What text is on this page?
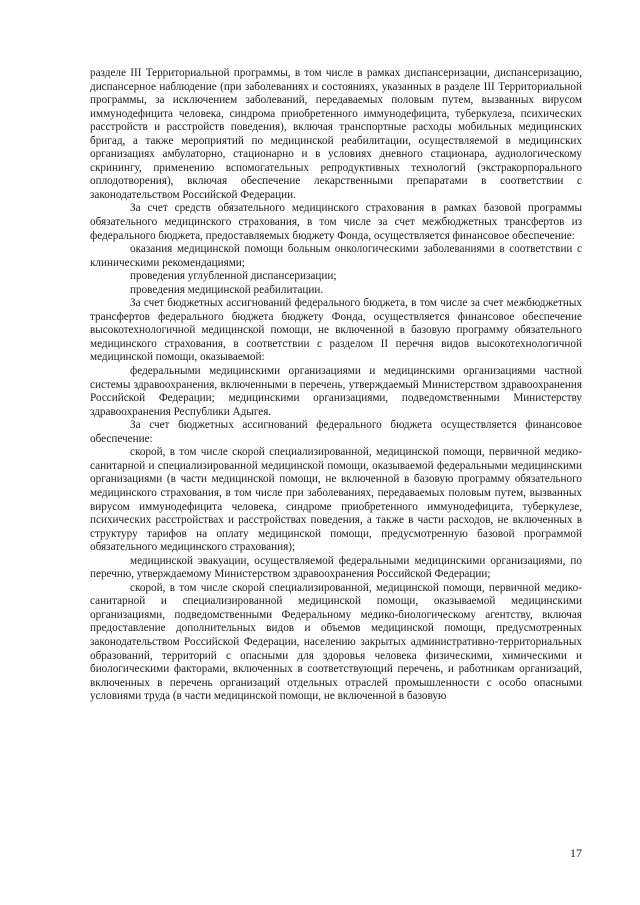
разделе III Территориальной программы, в том числе в рамках диспансеризации, диспансеризацию, диспансерное наблюдение (при заболеваниях и состояниях, указанных в разделе III Территориальной программы, за исключением заболеваний, передаваемых половым путем, вызванных вирусом иммунодефицита человека, синдрома приобретенного иммунодефицита, туберкулеза, психических расстройств и расстройств поведения), включая транспортные расходы мобильных медицинских бригад, а также мероприятий по медицинской реабилитации, осуществляемой в медицинских организациях амбулаторно, стационарно и в условиях дневного стационара, аудиологическому скринингу, применению вспомогательных репродуктивных технологий (экстракорпорального оплодотворения), включая обеспечение лекарственными препаратами в соответствии с законодательством Российской Федерации.

За счет средств обязательного медицинского страхования в рамках базовой программы обязательного медицинского страхования, в том числе за счет межбюджетных трансфертов из федерального бюджета, предоставляемых бюджету Фонда, осуществляется финансовое обеспечение:

оказания медицинской помощи больным онкологическими заболеваниями в соответствии с клиническими рекомендациями;

проведения углубленной диспансеризации;

проведения медицинской реабилитации.

За счет бюджетных ассигнований федерального бюджета, в том числе за счет межбюджетных трансфертов федерального бюджета бюджету Фонда, осуществляется финансовое обеспечение высокотехнологичной медицинской помощи, не включенной в базовую программу обязательного медицинского страхования, в соответствии с разделом II перечня видов высокотехнологичной медицинской помощи, оказываемой:

федеральными медицинскими организациями и медицинскими организациями частной системы здравоохранения, включенными в перечень, утверждаемый Министерством здравоохранения Российской Федерации; медицинскими организациями, подведомственными Министерству здравоохранения Республики Адыгея.

За счет бюджетных ассигнований федерального бюджета осуществляется финансовое обеспечение:

скорой, в том числе скорой специализированной, медицинской помощи, первичной медико-санитарной и специализированной медицинской помощи, оказываемой федеральными медицинскими организациями (в части медицинской помощи, не включенной в базовую программу обязательного медицинского страхования, в том числе при заболеваниях, передаваемых половым путем, вызванных вирусом иммунодефицита человека, синдроме приобретенного иммунодефицита, туберкулезе, психических расстройствах и расстройствах поведения, а также в части расходов, не включенных в структуру тарифов на оплату медицинской помощи, предусмотренную базовой программой обязательного медицинского страхования);

медицинской эвакуации, осуществляемой федеральными медицинскими организациями, по перечню, утверждаемому Министерством здравоохранения Российской Федерации;

скорой, в том числе скорой специализированной, медицинской помощи, первичной медико-санитарной и специализированной медицинской помощи, оказываемой медицинскими организациями, подведомственными Федеральному медико-биологическому агентству, включая предоставление дополнительных видов и объемов медицинской помощи, предусмотренных законодательством Российской Федерации, населению закрытых административно-территориальных образований, территорий с опасными для здоровья человека физическими, химическими и биологическими факторами, включенных в соответствующий перечень, и работникам организаций, включенных в перечень организаций отдельных отраслей промышленности с особо опасными условиями труда (в части медицинской помощи, не включенной в базовую

17
